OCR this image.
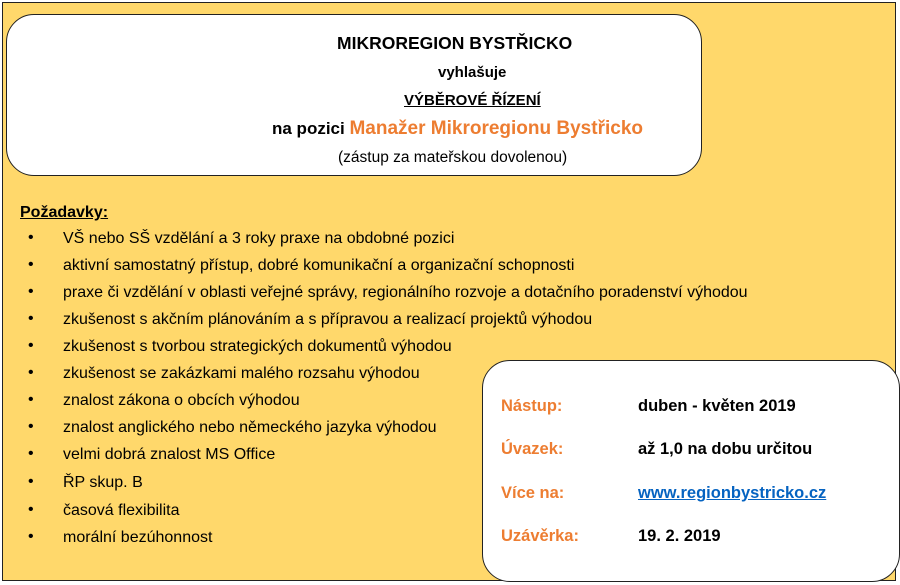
MIKROREGION BYSTŘICKO
vyhlašuje
VÝBĚROVÉ ŘÍZENÍ
na pozici Manažer Mikroregionu Bystřicko
(zástup za mateřskou dovolenou)
Požadavky:
• VŠ nebo SŠ vzdělání a 3 roky praxe na obdobné pozici
• aktivní samostatný přístup, dobré komunikační a organizační schopnosti
• praxe či vzdělání v oblasti veřejné správy, regionálního rozvoje a dotačního poradenství výhodou
• zkušenost s akčním plánováním a s přípravou a realizací projektů výhodou
• zkušenost s tvorbou strategických dokumentů výhodou
• zkušenost se zakázkami malého rozsahu výhodou
• znalost zákona o obcích výhodou
• znalost anglického nebo německého jazyka výhodou
• velmi dobrá znalost MS Office
• ŘP skup. B
• časová flexibilita
• morální bezúhonnost
Nástup:	duben - květen 2019
Úvazek:	až 1,0 na dobu určitou
Více na:	www.regionbystricko.cz
Uzávěrka:	19. 2. 2019
